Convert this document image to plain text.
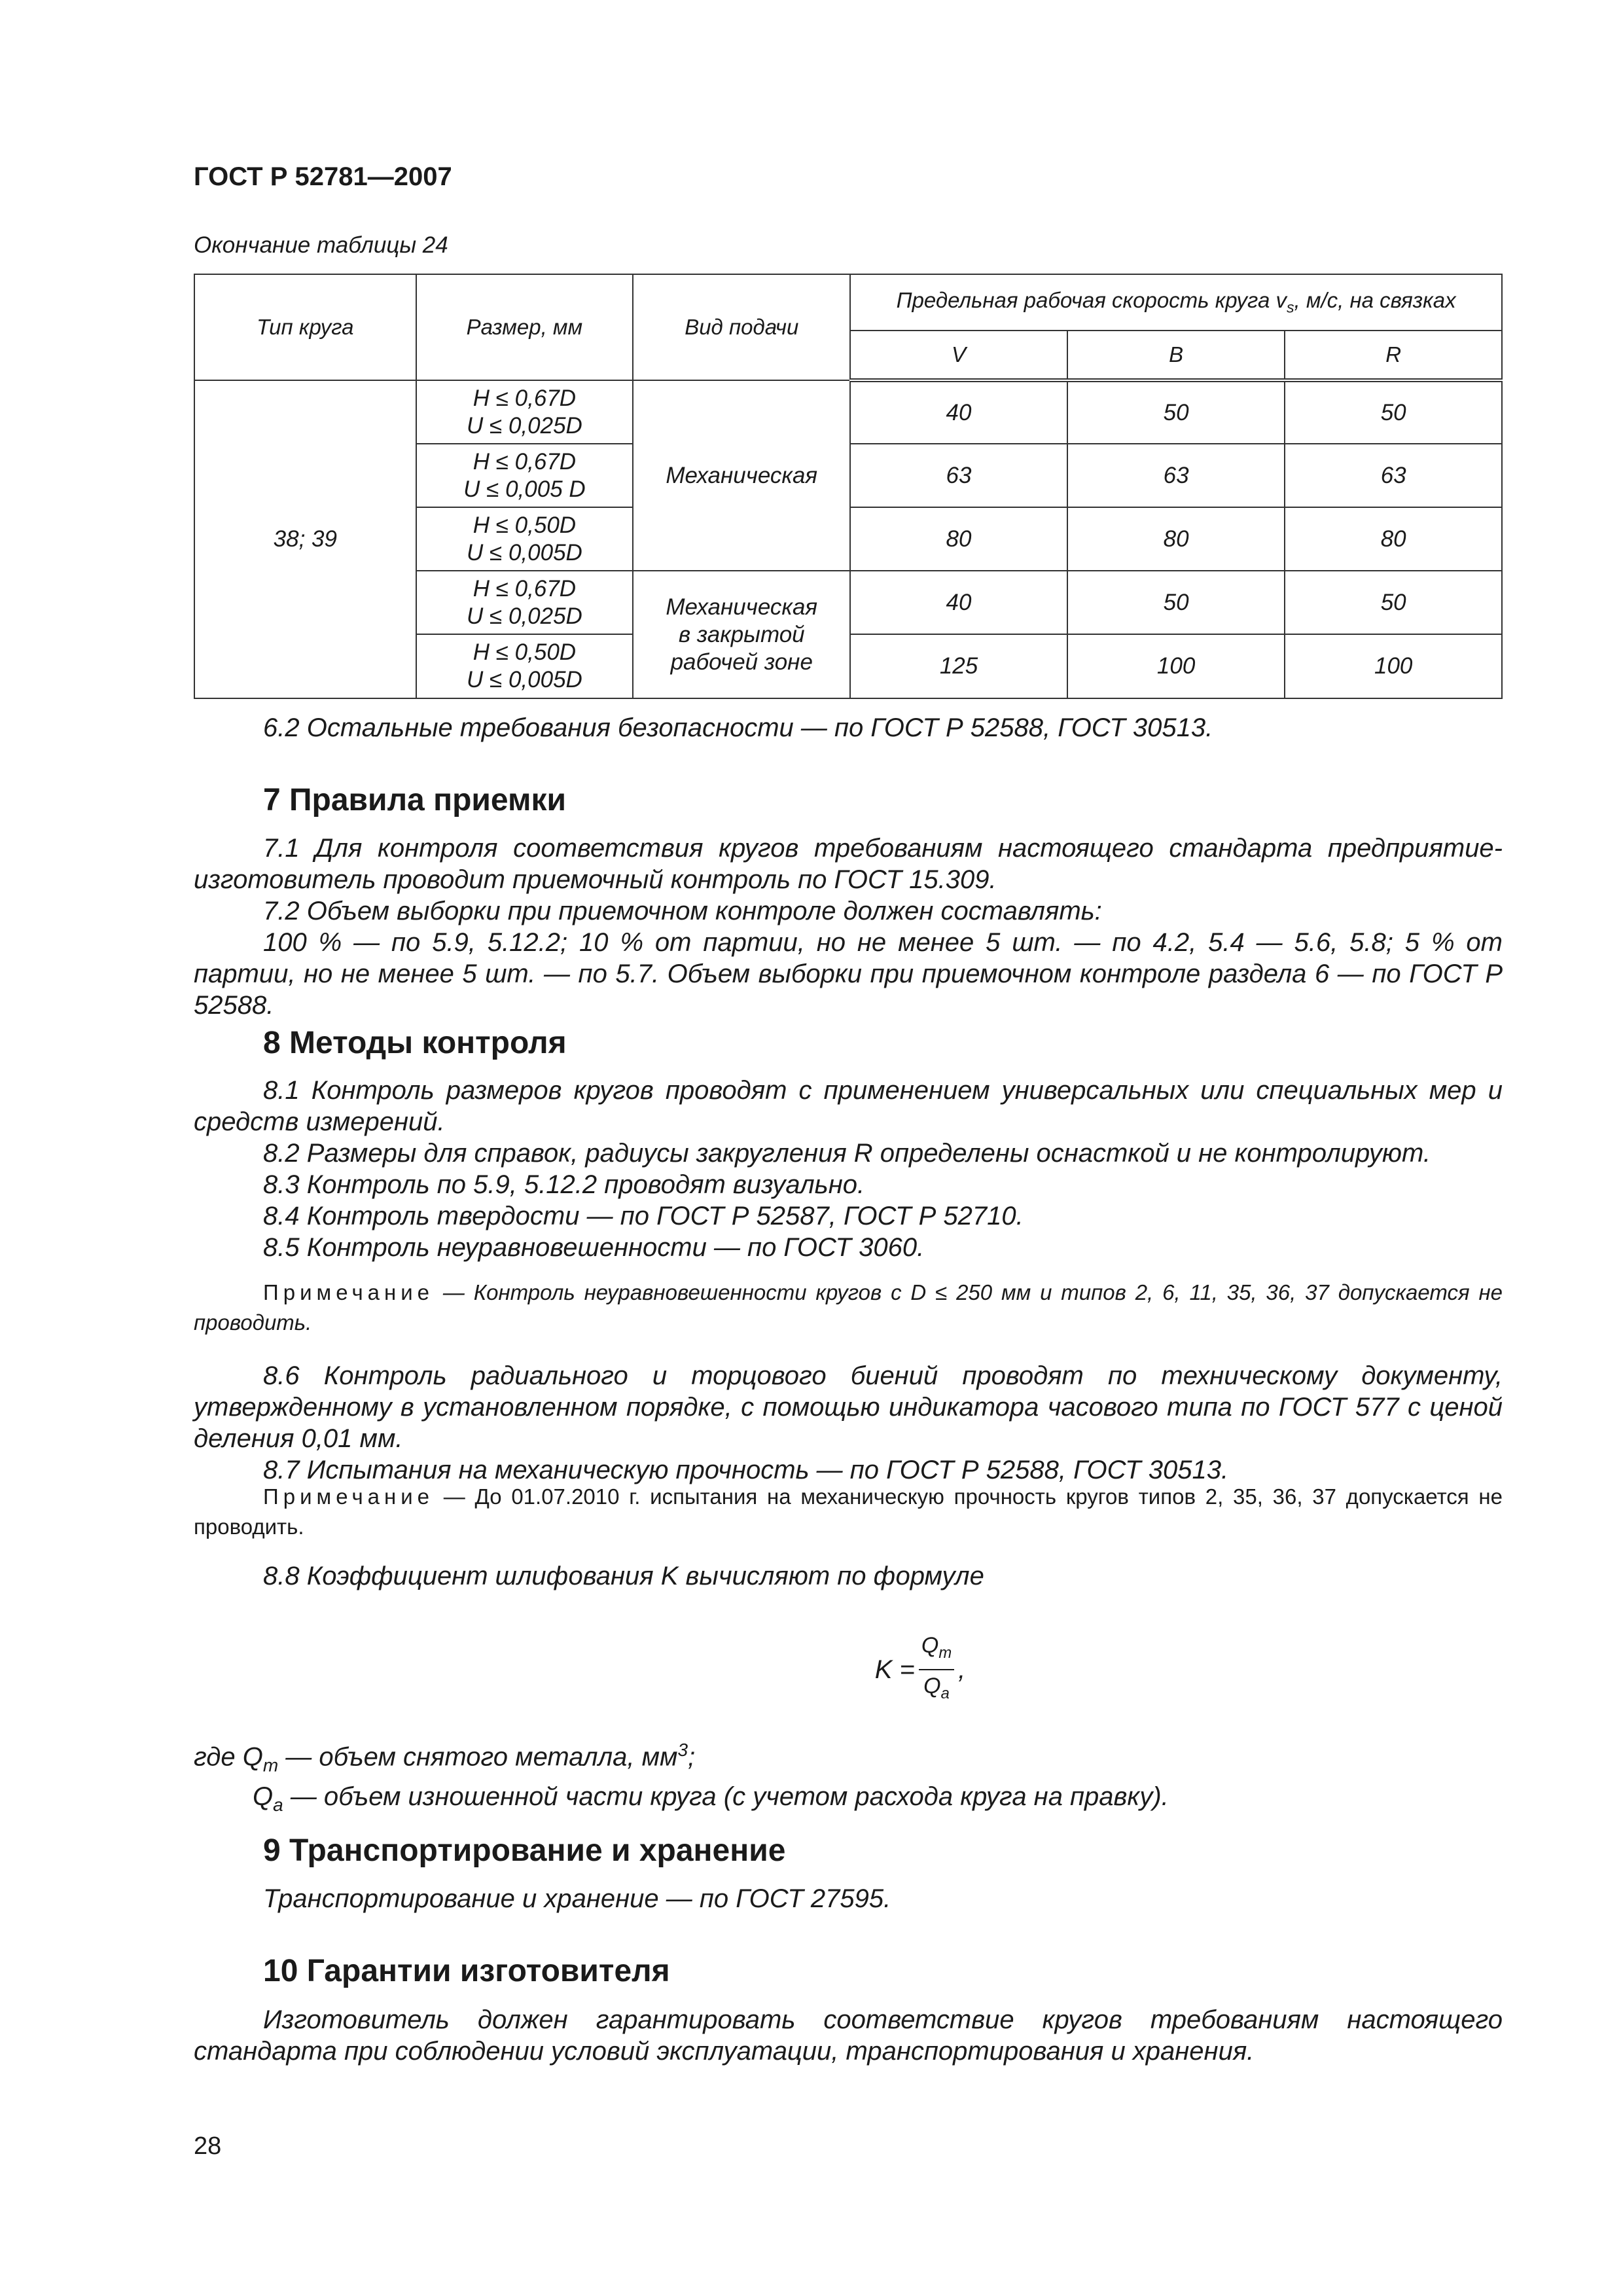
ГОСТ Р 52781—2007
Окончание таблицы 24
Тип круга	Размер, мм	Вид подачи	Предельная рабочая скорость круга $v_s$, м/с, на связках		
			V	B	R
38; 39	H ≤ 0,67D
U ≤ 0,025D	Механическая	40	50	50

	H ≤ 0,67D
U ≤ 0,005 D		63	63	63

	H ≤ 0,50D
U ≤ 0,005D		80	80	80

	H ≤ 0,67D
U ≤ 0,025D	Механическая в закрытой рабочей зоне	40	50	50

	H ≤ 0,50D
U ≤ 0,005D		125	100	100

6.2 Остальные требования безопасности — по ГОСТ Р 52588, ГОСТ 30513.

7 Правила приемки

7.1 Для контроля соответствия кругов требованиям настоящего стандарта предприятие-изготовитель проводит приемочный контроль по ГОСТ 15.309.

7.2 Объем выборки при приемочном контроле должен составлять:

100 % — по 5.9, 5.12.2; 10 % от партии, но не менее 5 шт. — по 4.2, 5.4 — 5.6, 5.8; 5 % от партии, но не менее 5 шт. — по 5.7. Объем выборки при приемочном контроле раздела 6 — по ГОСТ Р 52588.

8 Методы контроля

8.1 Контроль размеров кругов проводят с применением универсальных или специальных мер и средств измерений.

8.2 Размеры для справок, радиусы закругления R определены оснасткой и не контролируют.

8.3 Контроль по 5.9, 5.12.2 проводят визуально.

8.4 Контроль твердости — по ГОСТ Р 52587, ГОСТ Р 52710.

8.5 Контроль неуравновешенности — по ГОСТ 3060.

Примечание — Контроль неуравновешенности кругов с D ≤ 250 мм и типов 2, 6, 11, 35, 36, 37 допускается не проводить.

8.6 Контроль радиального и торцового биений проводят по техническому документу, утвержденному в установленном порядке, с помощью индикатора часового типа по ГОСТ 577 с ценой деления 0,01 мм.

8.7 Испытания на механическую прочность — по ГОСТ Р 52588, ГОСТ 30513.

Примечание — До 01.07.2010 г. испытания на механическую прочность кругов типов 2, 35, 36, 37 допускается не проводить.

8.8 Коэффициент шлифования K вычисляют по формуле

$K = \frac{Q_m}{Q_a}$ ,

где $Q_m$ — объем снятого металла, $мм^3$;

$Q_a$ — объем изношенной части круга (с учетом расхода круга на правку).

9 Транспортирование и хранение

Транспортирование и хранение — по ГОСТ 27595.

10 Гарантии изготовителя

Изготовитель должен гарантировать соответствие кругов требованиям настоящего стандарта при соблюдении условий эксплуатации, транспортирования и хранения.

28
